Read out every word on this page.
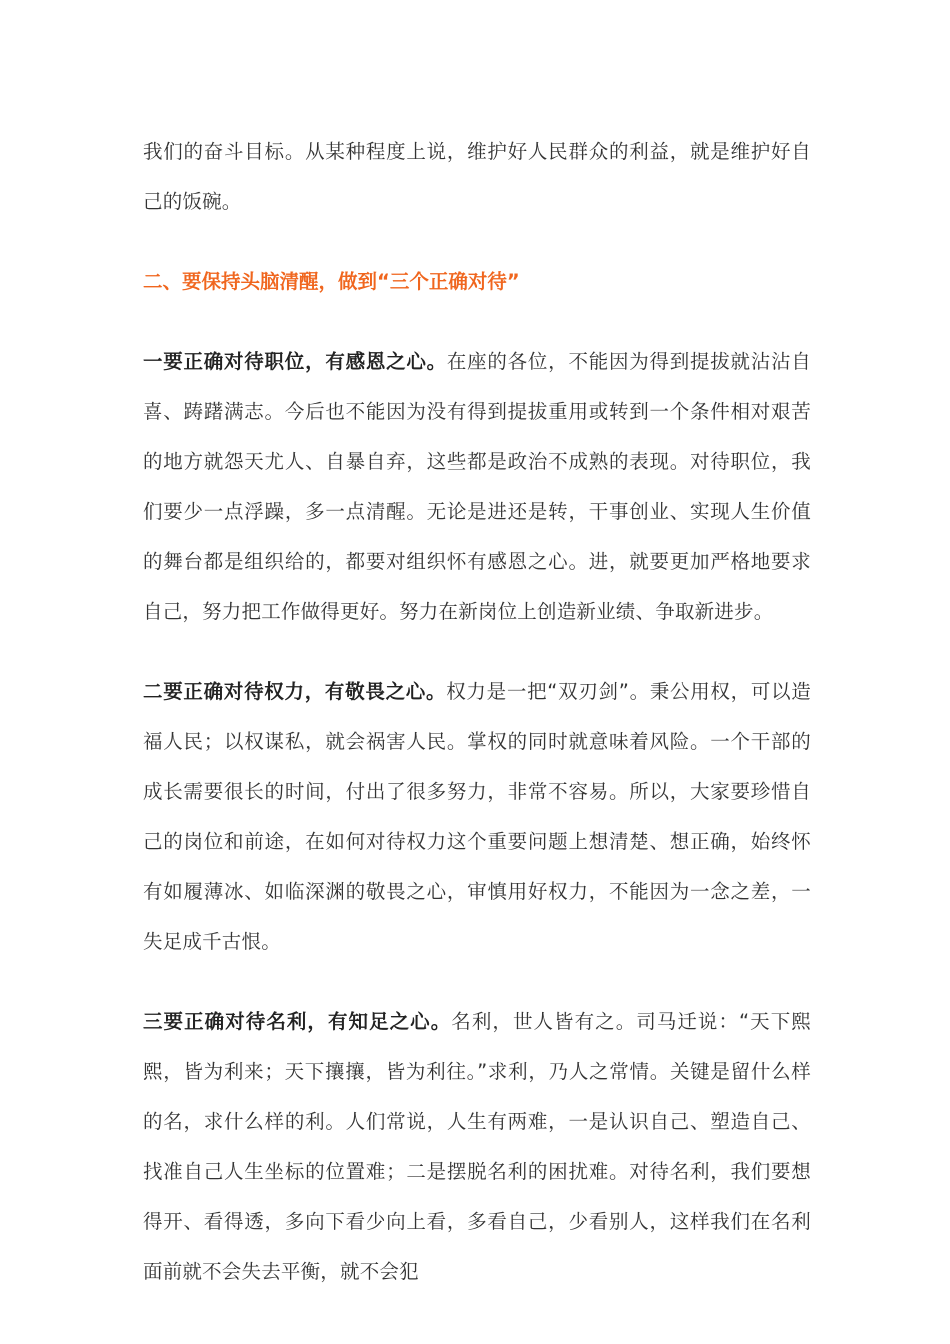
我们的奋斗目标。从某种程度上说，维护好人民群众的利益，就是维护好自己的饭碗。

二、要保持头脑清醒，做到“三个正确对待”

一要正确对待职位，有感恩之心。在座的各位，不能因为得到提拔就沾沾自喜、踌躇满志。今后也不能因为没有得到提拔重用或转到一个条件相对艰苦的地方就怨天尤人、自暴自弃，这些都是政治不成熟的表现。对待职位，我们要少一点浮躁，多一点清醒。无论是进还是转，干事创业、实现人生价值的舞台都是组织给的，都要对组织怀有感恩之心。进，就要更加严格地要求自己，努力把工作做得更好。努力在新岗位上创造新业绩、争取新进步。

二要正确对待权力，有敬畏之心。权力是一把“双刃剑”。秉公用权，可以造福人民；以权谋私，就会祸害人民。掌权的同时就意味着风险。一个干部的成长需要很长的时间，付出了很多努力，非常不容易。所以，大家要珍惜自己的岗位和前途，在如何对待权力这个重要问题上想清楚、想正确，始终怀有如履薄冰、如临深渊的敬畏之心，审慎用好权力，不能因为一念之差，一失足成千古恨。

三要正确对待名利，有知足之心。名利，世人皆有之。司马迁说：“天下熙熙，皆为利来；天下攘攘，皆为利往。”求利，乃人之常情。关键是留什么样的名，求什么样的利。人们常说，人生有两难，一是认识自己、塑造自己、找准自己人生坐标的位置难；二是摆脱名利的困扰难。对待名利，我们要想得开、看得透，多向下看少向上看，多看自己，少看别人，这样我们在名利面前就不会失去平衡，就不会犯
